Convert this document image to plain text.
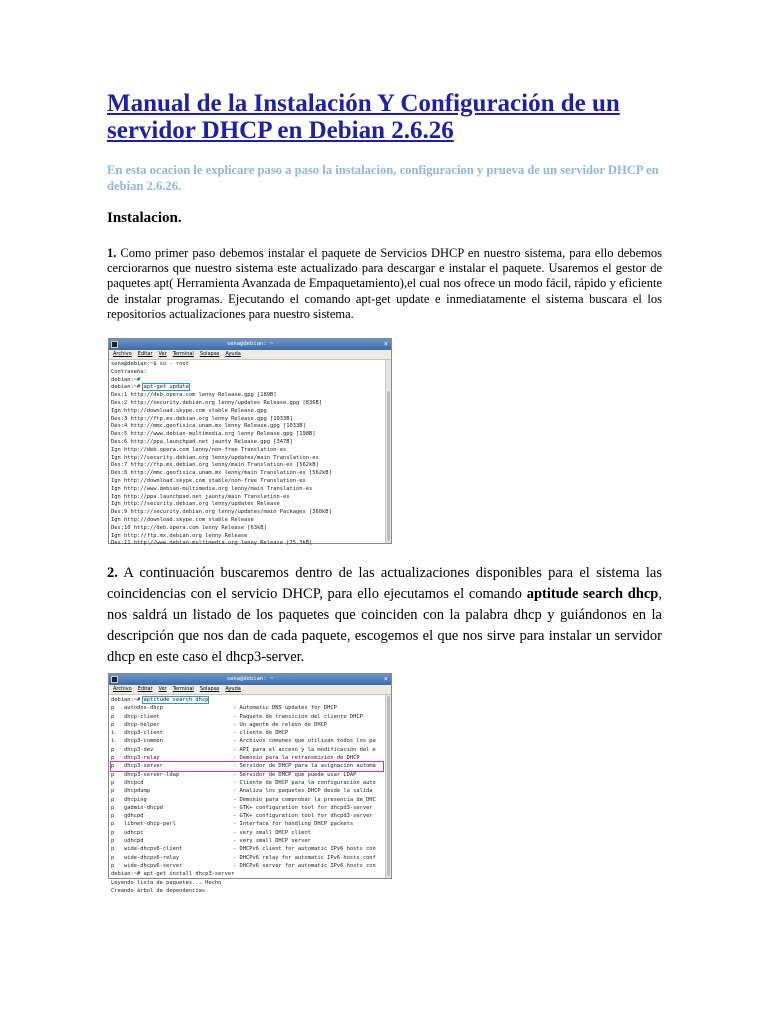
Manual de la Instalación Y Configuración de un servidor DHCP en Debian 2.6.26

En esta ocacion le explicare paso a paso la instalacion, configuracion y prueva de un servidor DHCP en debian 2.6.26.

Instalacion.

1. Como primer paso debemos instalar el paquete de Servicios DHCP en nuestro sistema, para ello debemos cerciorarnos que nuestro sistema este actualizado para descargar e instalar el paquete. Usaremos el gestor de paquetes apt( Herramienta Avanzada de Empaquetamiento),el cual nos ofrece un modo fácil, rápido y eficiente de instalar programas. Ejecutando el comando apt-get update e inmediatamente el sistema buscara el los repositorios actualizaciones para nuestro sistema.

sena@debian: ~	×
Archivo Editar Ver Terminal Solapas Ayuda
sena@debian:~$ su - root
Contraseña:
debian:~#
debian:~# apt-get update
Des:1 http://deb.opera.com lenny Release.gpg [189B]
Des:2 http://security.debian.org lenny/updates Release.gpg [836B]
Ign http://download.skype.com stable Release.gpg
Des:3 http://ftp.mx.debian.org lenny Release.gpg [1033B]
Des:4 http://mmc.geofisica.unam.mx lenny Release.gpg [1033B]
Des:5 http://www.debian-multimedia.org lenny Release.gpg [198B]
Des:6 http://ppa.launchpad.net jaunty Release.gpg [347B]
Ign http://deb.opera.com lenny/non-free Translation-es
Ign http://security.debian.org lenny/updates/main Translation-es
Des:7 http://ftp.mx.debian.org lenny/main Translation-es [562kB]
Des:8 http://mmc.geofisica.unam.mx lenny/main Translation-es [562kB]
Ign http://download.skype.com stable/non-free Translation-es
Ign http://www.debian-multimedia.org lenny/main Translation-es
Ign http://ppa.launchpad.net jaunty/main Translation-es
Ign http://security.debian.org lenny/updates Release
Des:9 http://security.debian.org lenny/updates/main Packages [360kB]
Ign http://download.skype.com stable Release
Des:10 http://deb.opera.com lenny Release [63kB]
Ign http://ftp.mx.debian.org lenny Release
Des:11 http://www.debian-multimedia.org lenny Release [25,3kB]

2. A continuación buscaremos dentro de las actualizaciones disponibles para el sistema las coincidencias con el servicio DHCP, para ello ejecutamos el comando aptitude search dhcp, nos saldrá un listado de los paquetes que coinciden con la palabra dhcp y guiándonos en la descripción que nos dan de cada paquete, escogemos el que nos sirve para instalar un servidor dhcp en este caso el dhcp3-server.

sena@debian: ~	×
Archivo Editar Ver Terminal Solapas Ayuda
debian:~# aptitude search dhcp
p   autodns-dhcp	- Automatic DNS updates for DHCP
p   dhcp-client	- Paquete de transición del cliente DHCP
p   dhcp-helper	- Un agente de relevo de DHCP
i   dhcp3-client	- cliente de DHCP
i   dhcp3-common	- Archivos comunes que utilizan todos los pa
p   dhcp3-dev	- API para el acceso y la modificación del e
p   dhcp3-relay	- Demonio para la retransmisión de DHCP
p   dhcp3-server	- Servidor de DHCP para la asignación automá
p   dhcp3-server-ldap	- Servidor de DHCP que puede usar LDAP
p   dhcpcd	- Cliente de DHCP para la configuración auto
p   dhcpdump	- Analiza los paquetes DHCP desde la salida
p   dhcping	- Demonio para comprobar la presencia de DHC
p   gadmin-dhcpd	- GTK+ configuration tool for dhcpd3-server
p   gdhcpd	- GTK+ configuration tool for dhcpd3-server
p   libnet-dhcp-perl	- Interface for handling DHCP packets
p   udhcpc	- very small DHCP client
p   udhcpd	- very small DHCP server
p   wide-dhcpv6-client	- DHCPv6 client for automatic IPv6 hosts con
p   wide-dhcpv6-relay	- DHCPv6 relay for automatic IPv6 hosts conf
p   wide-dhcpv6-server	- DHCPv6 server for automatic IPv6 hosts con
debian:~# apt-get install dhcp3-server
Leyendo lista de paquetes... Hecho
Creando árbol de dependencias
